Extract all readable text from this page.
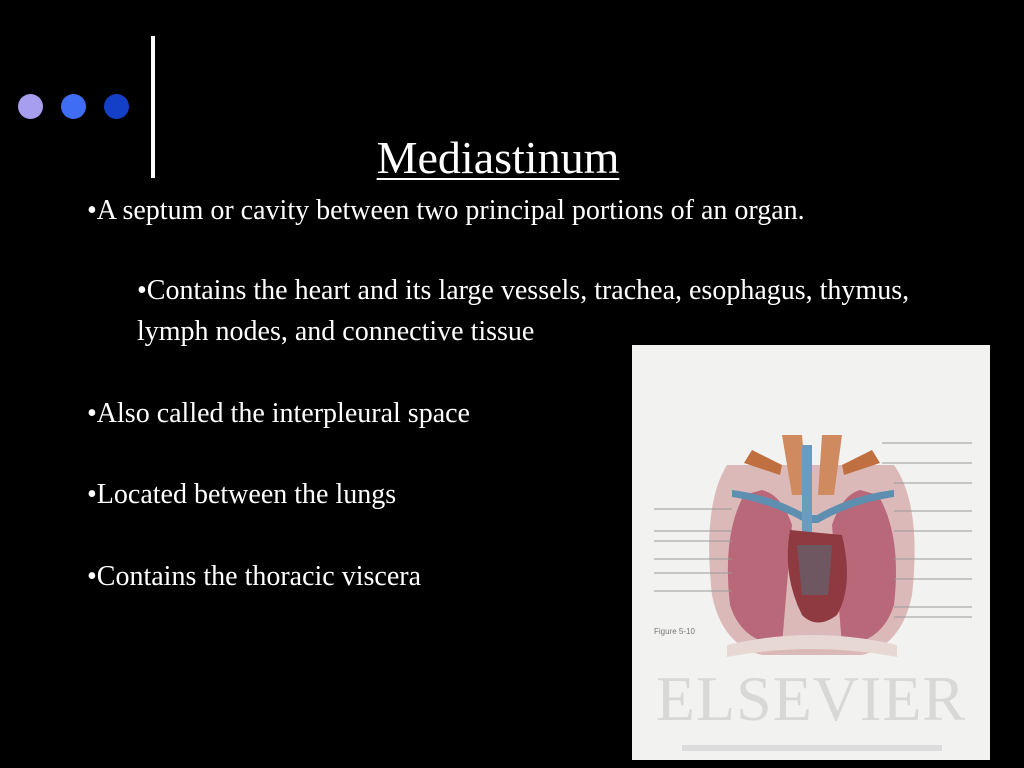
Mediastinum

•A septum or cavity between two principal portions of an organ.

•Contains the heart and its large vessels, trachea, esophagus, thymus, lymph nodes, and connective tissue

•Also called the interpleural space

•Located between the lungs

•Contains the thoracic viscera

Figure 5-10
ELSEVIER
